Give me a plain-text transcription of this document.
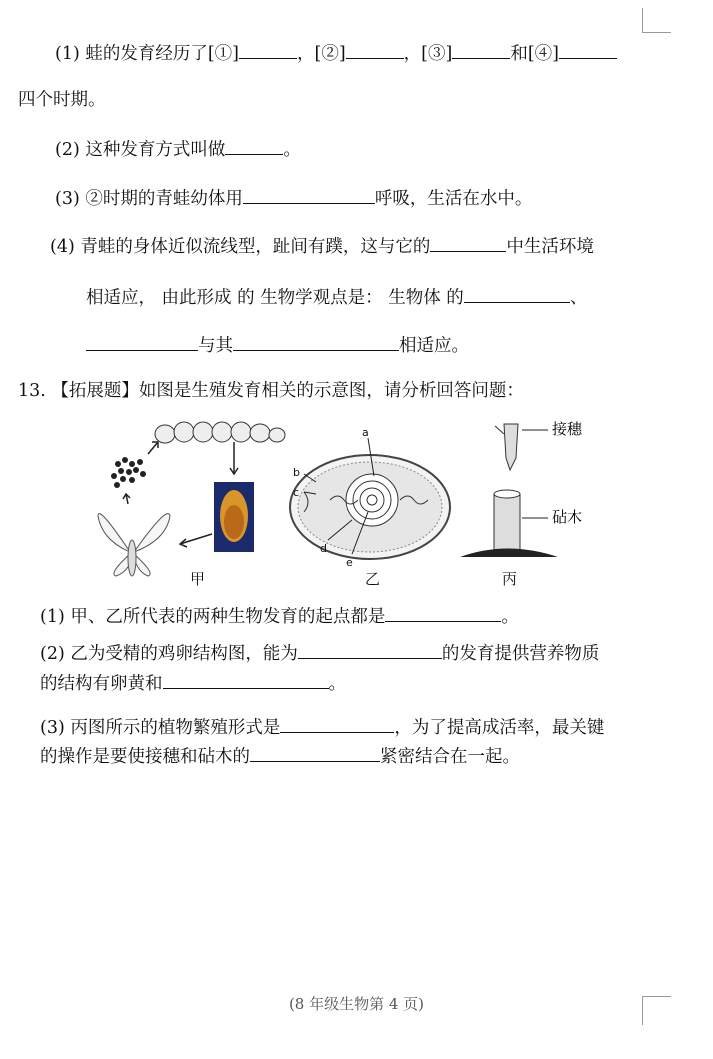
(1) 蛙的发育经历了[①]	，[②]	，[③]	和[④]
四个时期。
(2) 这种发育方式叫做	。
(3) ②时期的青蛙幼体用	呼吸，生活在水中。
(4) 青蛙的身体近似流线型，趾间有蹼，这与它的	中生活环境
相适应， 由此形成 的 生物学观点是： 生物体 的	、
与其	相适应。
13. 【拓展题】如图是生殖发育相关的示意图，请分析回答问题：
a
b
c
d
e
接穗
砧木
甲	乙	丙
(1) 甲、乙所代表的两种生物发育的起点都是	。
(2) 乙为受精的鸡卵结构图，能为	的发育提供营养物质
的结构有卵黄和	。
(3) 丙图所示的植物繁殖形式是	，为了提高成活率，最关键
的操作是要使接穗和砧木的	紧密结合在一起。
(8 年级生物第 4 页)
